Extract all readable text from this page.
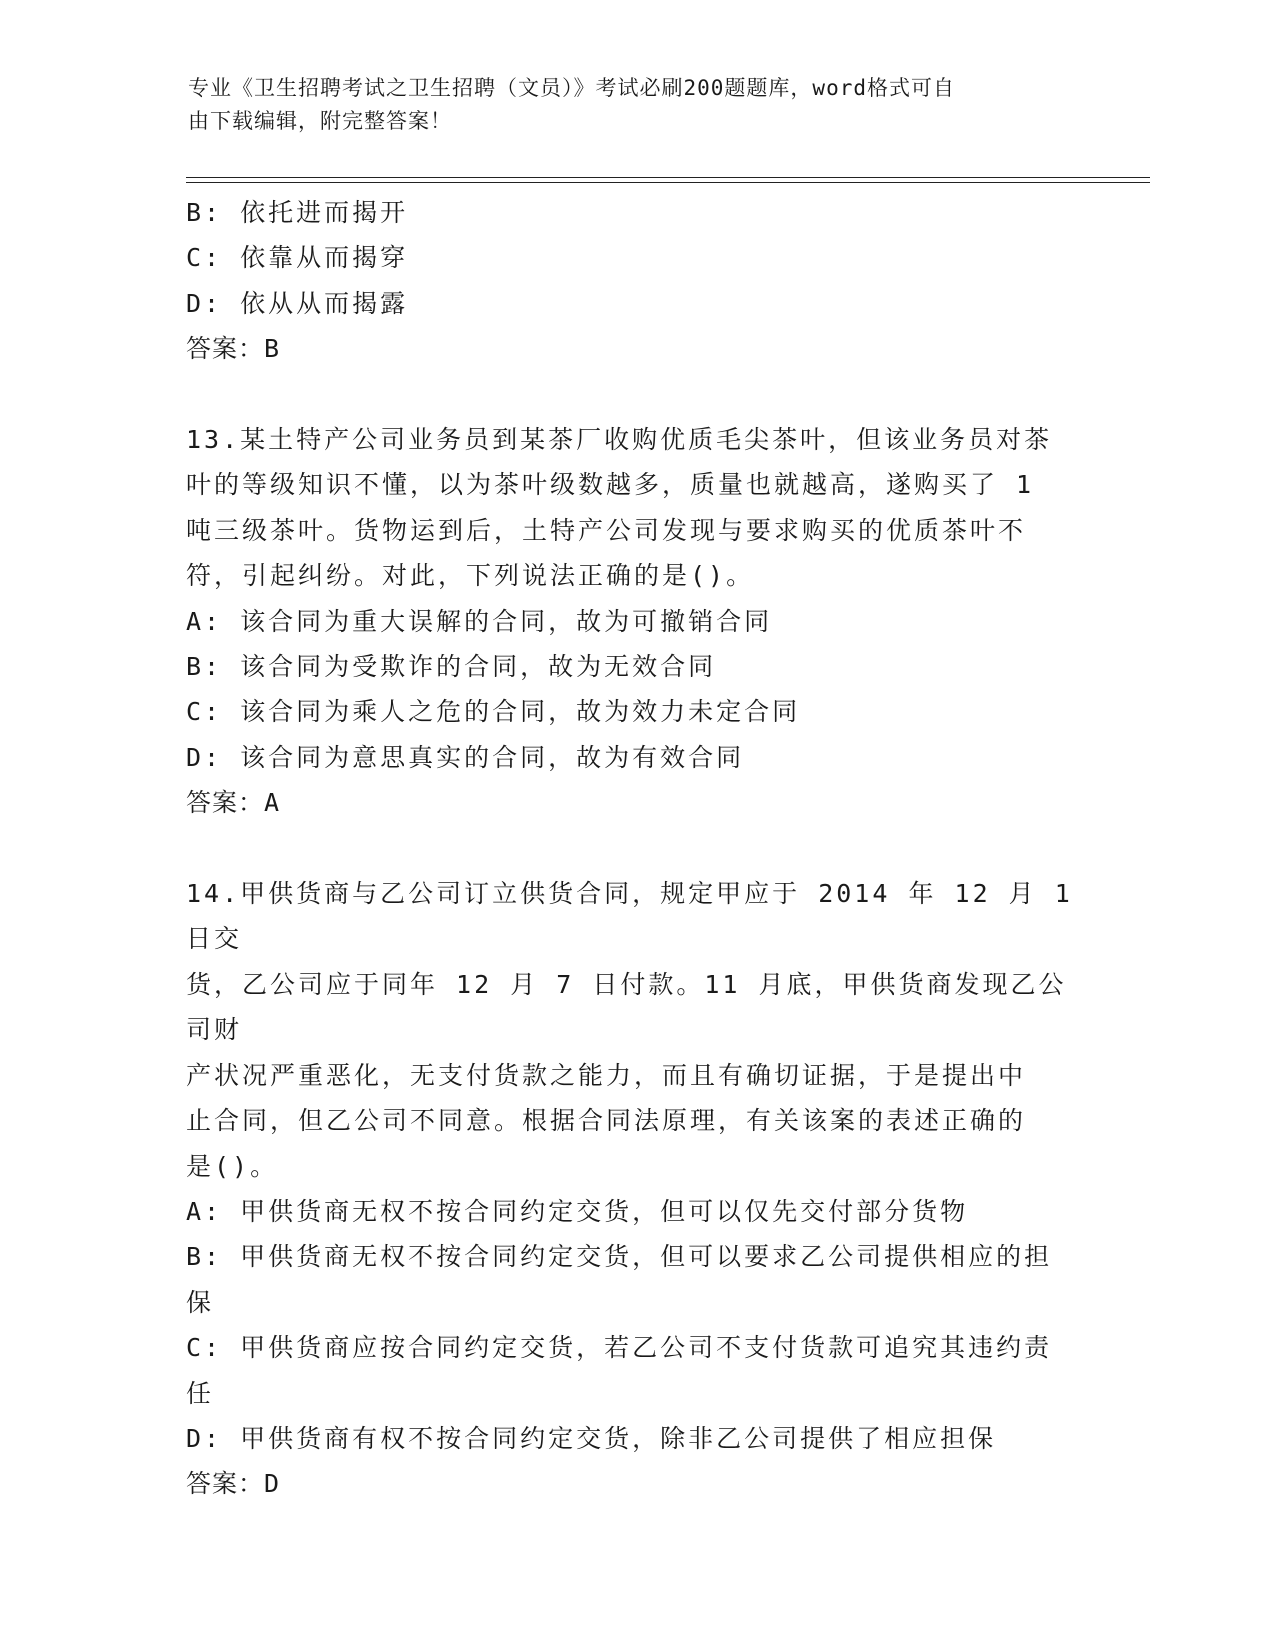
专业《卫生招聘考试之卫生招聘（文员）》考试必刷200题题库，word格式可自

由下载编辑，附完整答案！

B: 依托进而揭开

C: 依靠从而揭穿

D: 依从从而揭露

答案：B

13.某土特产公司业务员到某茶厂收购优质毛尖茶叶，但该业务员对茶

叶的等级知识不懂，以为茶叶级数越多，质量也就越高，遂购买了 1

吨三级茶叶。货物运到后，土特产公司发现与要求购买的优质茶叶不

符，引起纠纷。对此，下列说法正确的是()。

A: 该合同为重大误解的合同，故为可撤销合同

B: 该合同为受欺诈的合同，故为无效合同

C: 该合同为乘人之危的合同，故为效力未定合同

D: 该合同为意思真实的合同，故为有效合同

答案：A

14.甲供货商与乙公司订立供货合同，规定甲应于 2014 年 12 月 1 日交

货，乙公司应于同年 12 月 7 日付款。11 月底，甲供货商发现乙公司财

产状况严重恶化，无支付货款之能力，而且有确切证据，于是提出中

止合同，但乙公司不同意。根据合同法原理，有关该案的表述正确的

是()。

A: 甲供货商无权不按合同约定交货，但可以仅先交付部分货物

B: 甲供货商无权不按合同约定交货，但可以要求乙公司提供相应的担

保

C: 甲供货商应按合同约定交货，若乙公司不支付货款可追究其违约责

任

D: 甲供货商有权不按合同约定交货，除非乙公司提供了相应担保

答案：D
